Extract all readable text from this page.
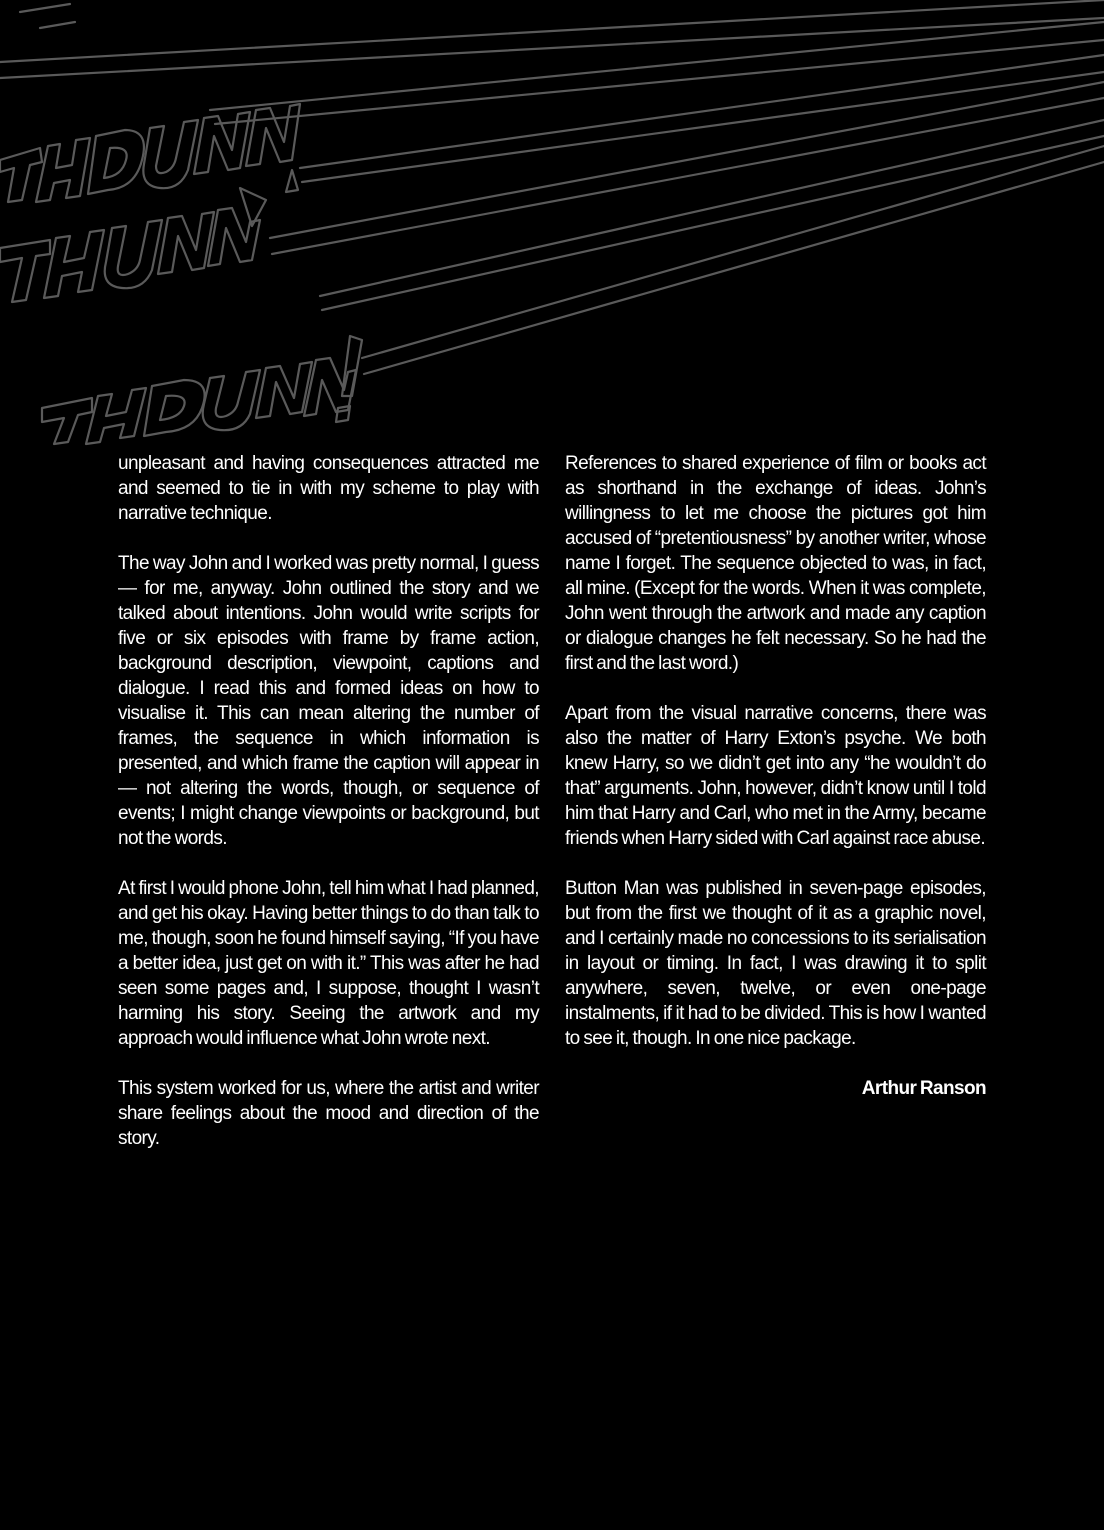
unpleasant and having consequences attracted me and seemed to tie in with my scheme to play with narrative technique.

The way John and I worked was pretty normal, I guess — for me, anyway. John outlined the story and we talked about intentions. John would write scripts for five or six episodes with frame by frame action, background description, viewpoint, captions and dialogue. I read this and formed ideas on how to visualise it. This can mean altering the number of frames, the sequence in which information is presented, and which frame the caption will appear in — not altering the words, though, or sequence of events; I might change viewpoints or background, but not the words.

At first I would phone John, tell him what I had planned, and get his okay. Having better things to do than talk to me, though, soon he found himself saying, “If you have a better idea, just get on with it.” This was after he had seen some pages and, I suppose, thought I wasn’t harming his story. Seeing the artwork and my approach would influence what John wrote next.

This system worked for us, where the artist and writer share feelings about the mood and direction of the story.

References to shared experience of film or books act as shorthand in the exchange of ideas. John’s willingness to let me choose the pictures got him accused of “pretentiousness” by another writer, whose name I forget. The sequence objected to was, in fact, all mine. (Except for the words. When it was complete, John went through the artwork and made any caption or dialogue changes he felt necessary. So he had the first and the last word.)

Apart from the visual narrative concerns, there was also the matter of Harry Exton’s psyche. We both knew Harry, so we didn’t get into any “he wouldn’t do that” arguments. John, however, didn’t know until I told him that Harry and Carl, who met in the Army, became friends when Harry sided with Carl against race abuse.

Button Man was published in seven-page episodes, but from the first we thought of it as a graphic novel, and I certainly made no concessions to its serialisation in layout or timing. In fact, I was drawing it to split anywhere, seven, twelve, or even one-page instalments, if it had to be divided. This is how I wanted to see it, though. In one nice package.

Arthur Ranson
